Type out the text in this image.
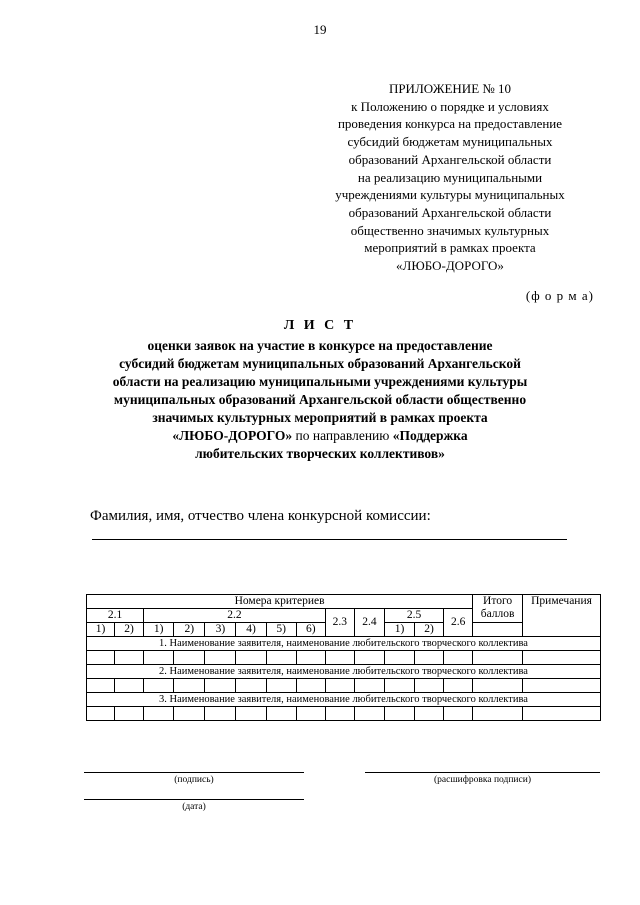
19
ПРИЛОЖЕНИЕ № 10
к Положению о порядке и условиях
проведения конкурса на предоставление
субсидий бюджетам муниципальных
образований Архангельской области
на реализацию муниципальными
учреждениями культуры муниципальных
образований Архангельской области
общественно значимых культурных
мероприятий в рамках проекта
«ЛЮБО-ДОРОГО»
(ф о р м а)
Л И С Т
оценки заявок на участие в конкурсе на предоставление
субсидий бюджетам муниципальных образований Архангельской
области на реализацию муниципальными учреждениями культуры
муниципальных образований Архангельской области общественно
значимых культурных мероприятий в рамках проекта
«ЛЮБО-ДОРОГО» по направлению «Поддержка
любительских творческих коллективов»
Фамилия, имя, отчество члена конкурсной комиссии:
Номера критериев													Итого баллов	Примечания
2.1		2.2						2.3	2.4	2.5		2.6		
1)	2)	1)	2)	3)	4)	5)	6)			1)	2)			
1. Наименование заявителя, наименование любительского творческого коллектива														

2. Наименование заявителя, наименование любительского творческого коллектива														

3. Наименование заявителя, наименование любительского творческого коллектива														

(подпись)	(расшифровка подписи)
(дата)
